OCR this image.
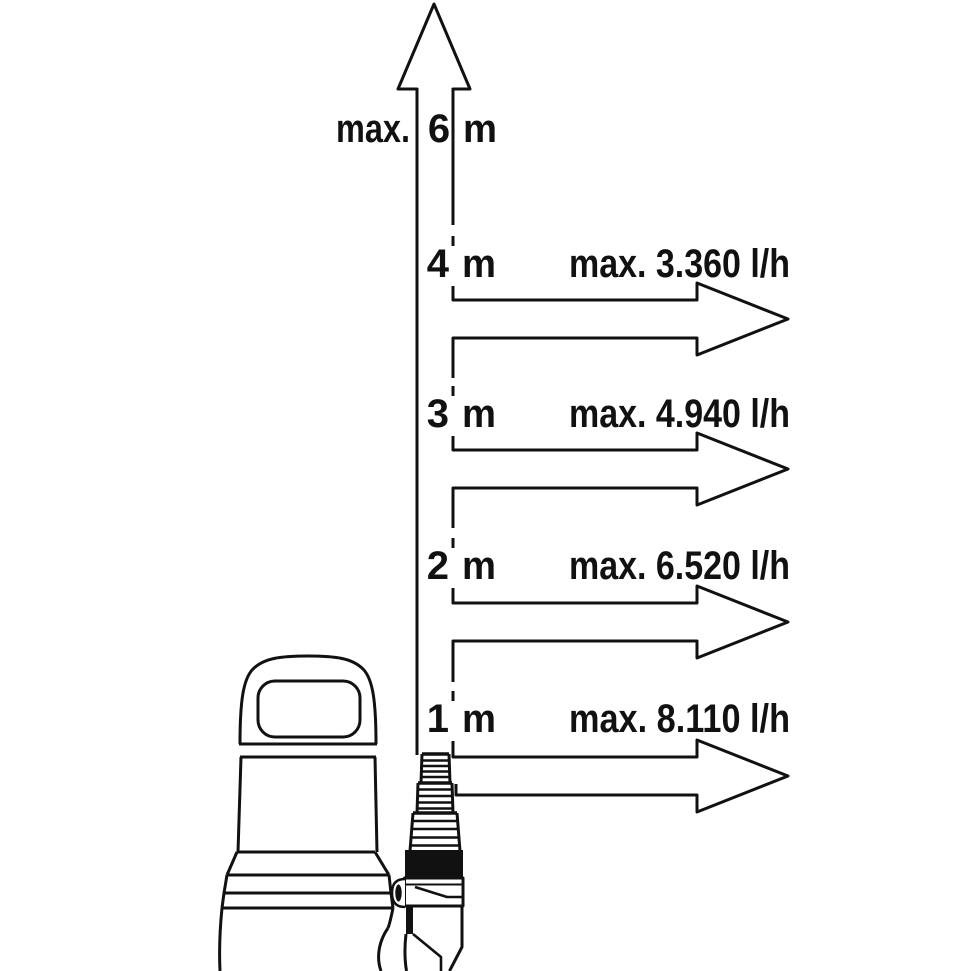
max. 6 m
4 m max. 3.360 l/h
3 m max. 4.940 l/h
2 m max. 6.520 l/h
1 m max. 8.110 l/h
